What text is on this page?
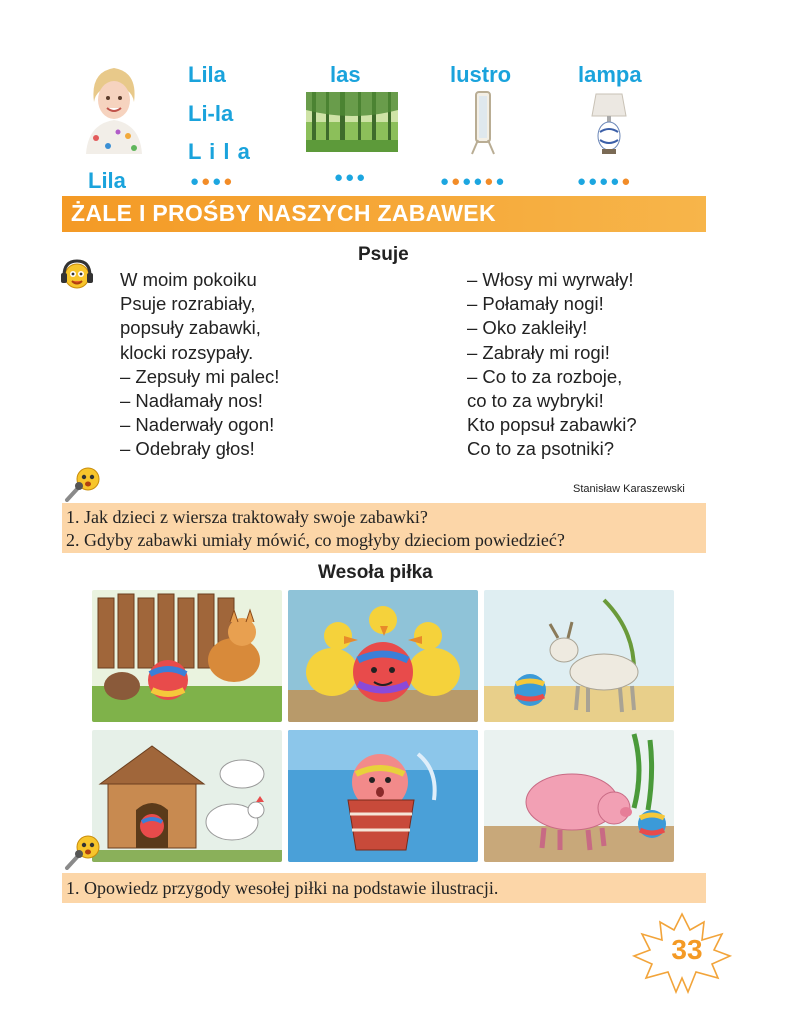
Lila
Lila
Li-la
L i l a
las	lustro	lampa
●●●●	●●●	●●●●●●	●●●●●
ŻALE I PROŚBY NASZYCH ZABAWEK
Psuje
W moim pokoiku
Psuje rozrabiały,
popsuły zabawki,
klocki rozsypały.
– Zepsuły mi palec!
– Nadłamały nos!
– Naderwały ogon!
– Odebrały głos!
– Włosy mi wyrwały!
– Połamały nogi!
– Oko zakleiły!
– Zabrały mi rogi!
– Co to za rozboje,
co to za wybryki!
Kto popsuł zabawki?
Co to za psotniki?
Stanisław Karaszewski
1. Jak dzieci z wiersza traktowały swoje zabawki?
2. Gdyby zabawki umiały mówić, co mogłyby dzieciom powiedzieć?
Wesoła piłka
1. Opowiedz przygody wesołej piłki na podstawie ilustracji.
33
